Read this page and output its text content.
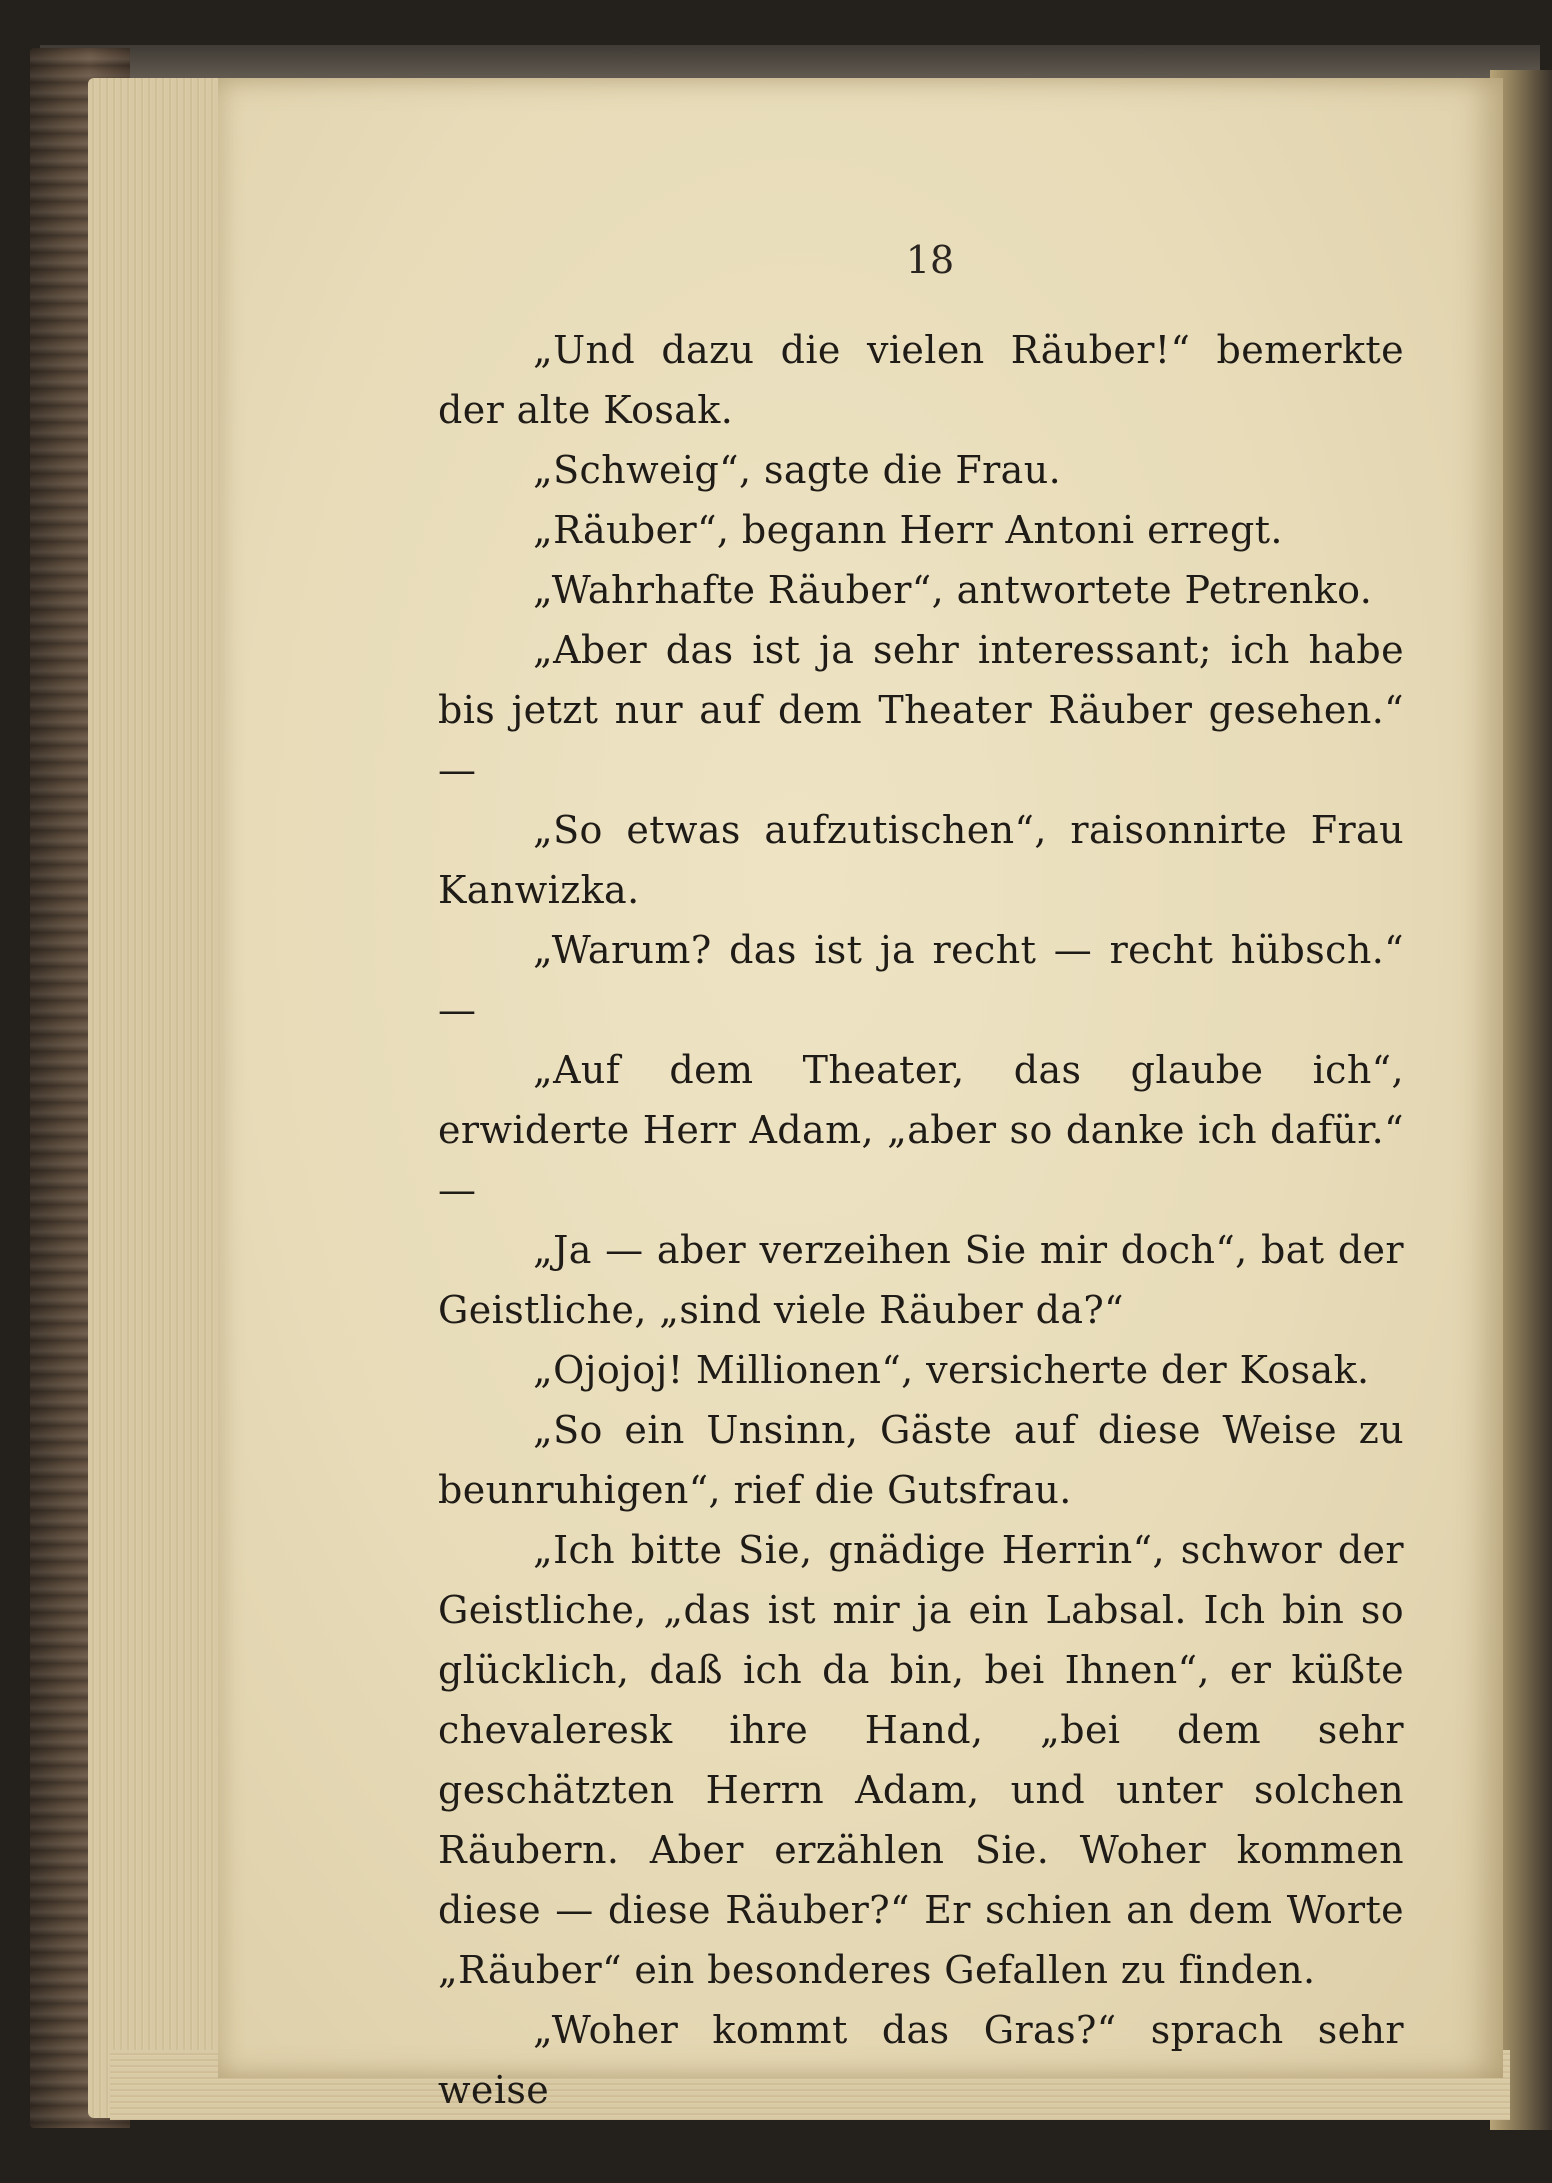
18

„Und dazu die vielen Räuber!“ bemerkte der alte Kosak.

„Schweig“, sagte die Frau.

„Räuber“, begann Herr Antoni erregt.

„Wahrhafte Räuber“, antwortete Petrenko.

„Aber das ist ja sehr interessant; ich habe bis jetzt nur auf dem Theater Räuber gesehen.“ —

„So etwas aufzutischen“, raisonnirte Frau Kanwizka.

„Warum? das ist ja recht — recht hübsch.“ —

„Auf dem Theater, das glaube ich“, erwiderte Herr Adam, „aber so danke ich dafür.“ —

„Ja — aber verzeihen Sie mir doch“, bat der Geistliche, „sind viele Räuber da?“

„Ojojoj! Millionen“, versicherte der Kosak.

„So ein Unsinn, Gäste auf diese Weise zu beunruhigen“, rief die Gutsfrau.

„Ich bitte Sie, gnädige Herrin“, schwor der Geistliche, „das ist mir ja ein Labsal. Ich bin so glücklich, daß ich da bin, bei Ihnen“, er küßte chevaleresk ihre Hand, „bei dem sehr geschätzten Herrn Adam, und unter solchen Räubern. Aber erzählen Sie. Woher kommen diese — diese Räuber?“ Er schien an dem Worte „Räuber“ ein besonderes Gefallen zu finden.

„Woher kommt das Gras?“ sprach sehr weise
